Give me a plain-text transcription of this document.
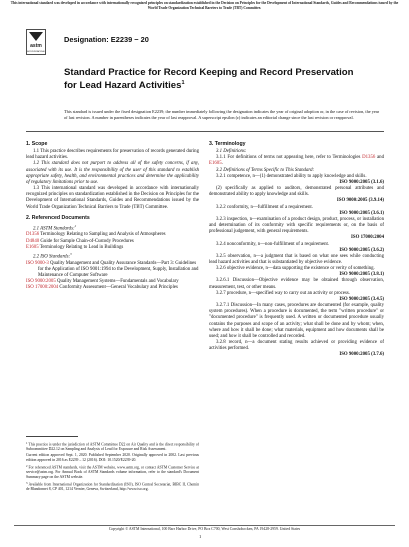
This international standard was developed in accordance with internationally recognized principles on standardization established in the Decision on Principles for the Development of International Standards, Guides and Recommendations issued by the World Trade Organization Technical Barriers to Trade (TBT) Committee.
astm
ASTM INTERNATIONAL
Designation: E2239 − 20
Standard Practice for Record Keeping and Record Preservation for Lead Hazard Activities$^1$
This standard is issued under the fixed designation E2239; the number immediately following the designation indicates the year of original adoption or, in the case of revision, the year of last revision. A number in parentheses indicates the year of last reapproval. A superscript epsilon (ε) indicates an editorial change since the last revision or reapproval.

1. Scope

1.1 This practice describes requirements for preservation of records generated during lead hazard activities.

1.2 This standard does not purport to address all of the safety concerns, if any, associated with its use. It is the responsibility of the user of this standard to establish appropriate safety, health, and environmental practices and determine the applicability of regulatory limitations prior to use.

1.3 This international standard was developed in accordance with internationally recognized principles on standardization established in the Decision on Principles for the Development of International Standards, Guides and Recommendations issued by the World Trade Organization Technical Barriers to Trade (TBT) Committee.

2. Referenced Documents

2.1 ASTM Standards:$^2$

D1356 Terminology Relating to Sampling and Analysis of Atmospheres

D4840 Guide for Sample Chain-of-Custody Procedures

E1605 Terminology Relating to Lead in Buildings

2.2 ISO Standards:$^3$

ISO 9000-3 Quality Management and Quality Assurance Standards—Part 3: Guidelines for the Application of ISO 9001:1994 to the Development, Supply, Installation and Maintenance of Computer Software

ISO 9000:2005 Quality Management Systems—Fundamentals and Vocabulary

ISO 17000:2004 Conformity Assessment—General Vocabulary and Principles

$^1$ This practice is under the jurisdiction of ASTM Committee D22 on Air Quality and is the direct responsibility of Subcommittee D22.12 on Sampling and Analysis of Lead for Exposure and Risk Assessment.

Current edition approved Sept. 1, 2020. Published September 2020. Originally approved in 2002. Last previous edition approved in 2016 as E2239 – 12 (2016). DOI: 10.1520/E2239-20.

$^2$ For referenced ASTM standards, visit the ASTM website, www.astm.org, or contact ASTM Customer Service at service@astm.org. For Annual Book of ASTM Standards volume information, refer to the standard's Document Summary page on the ASTM website.

$^3$ Available from International Organization for Standardization (ISO), ISO Central Secretariat, BIBC II, Chemin de Blandonnet 8, CP 401, 1214 Vernier, Geneva, Switzerland, http://www.iso.org.

3. Terminology

3.1 Definitions:

3.1.1 For definitions of terms not appearing here, refer to Terminologies D1356 and E1605.

3.2 Definitions of Terms Specific to This Standard:

3.2.1 competence, n—(1) demonstrated ability to apply knowledge and skills.

ISO 9000:2005 (3.1.6)

(2) specifically as applied to auditors, demonstrated personal attributes and demonstrated ability to apply knowledge and skills.

ISO 9000:2005 (3.9.14)

3.2.2 conformity, n—fulfillment of a requirement.

ISO 9000:2005 (3.6.1)

3.2.3 inspection, n—examination of a product design, product, process, or installation and determination of its conformity with specific requirements or, on the basis of professional judgement, with general requirements.

ISO 17000:2004

3.2.4 nonconformity, n—non-fulfillment of a requirement.

ISO 9000:2005 (3.6.2)

3.2.5 observation, n—a judgment that is based on what one sees while conducting lead hazard activities and that is substantiated by objective evidence.

3.2.6 objective evidence, n—data supporting the existence or verity of something.

ISO 9000:2005 (3.8.1)

3.2.6.1 Discussion—Objective evidence may be obtained through observation, measurement, test, or other means.

3.2.7 procedure, n—specified way to carry out an activity or process.

ISO 9000:2005 (3.4.5)

3.2.7.1 Discussion—In many cases, procedures are documented (for example, quality system procedures). When a procedure is documented, the term "written procedure" or "documented procedure" is frequently used. A written or documented procedure usually contains the purposes and scope of an activity; what shall be done and by whom; when, where and how it shall be done; what materials, equipment and how documents shall be used; and how it shall be controlled and recorded.

3.2.8 record, n—a document stating results achieved or providing evidence of activities performed.

ISO 9000:2005 (3.7.6)

Copyright © ASTM International, 100 Barr Harbor Drive, PO Box C700, West Conshohocken, PA 19428-2959. United States
1
